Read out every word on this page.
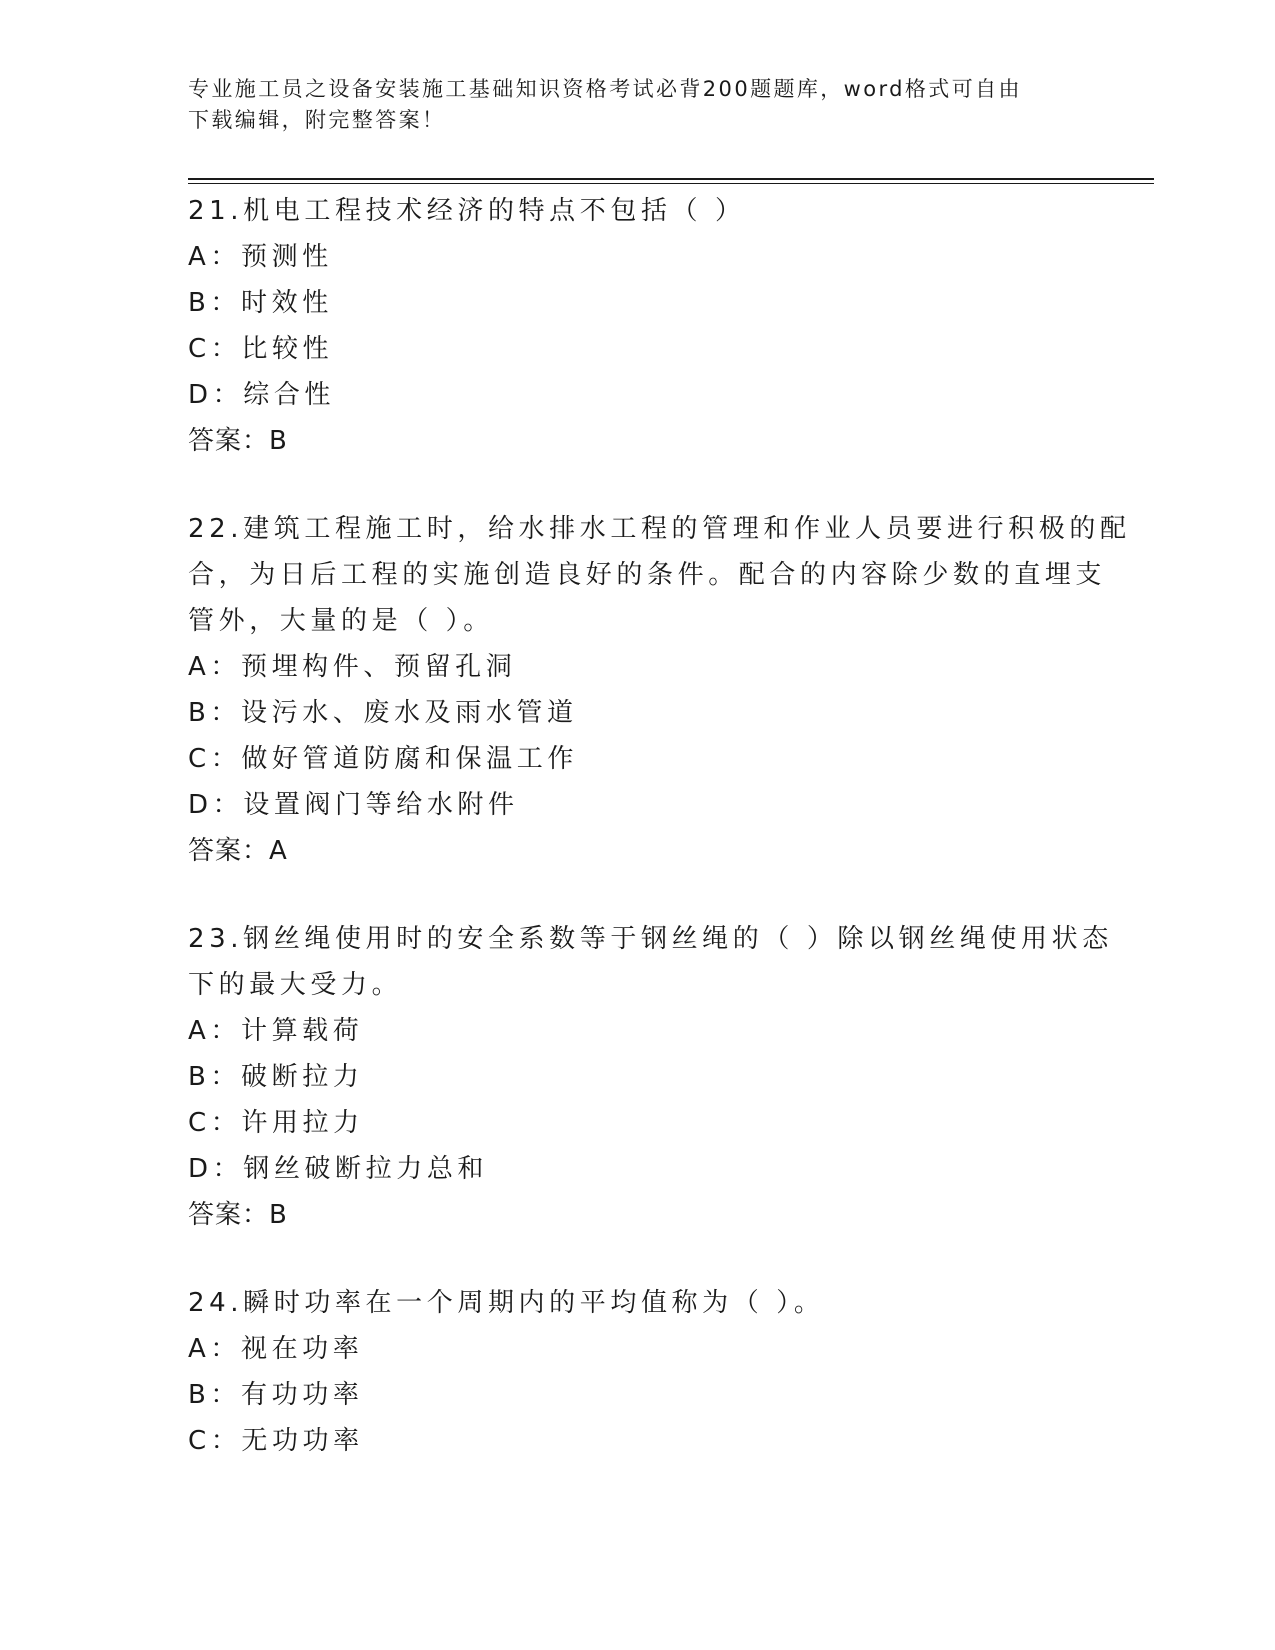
专业施工员之设备安装施工基础知识资格考试必背200题题库，word格式可自由
下载编辑，附完整答案！
21.机电工程技术经济的特点不包括（ ）
A：预测性
B：时效性
C：比较性
D：综合性
答案：B
22.建筑工程施工时，给水排水工程的管理和作业人员要进行积极的配
合，为日后工程的实施创造良好的条件。配合的内容除少数的直埋支
管外，大量的是（ ）。
A：预埋构件、预留孔洞
B：设污水、废水及雨水管道
C：做好管道防腐和保温工作
D：设置阀门等给水附件
答案：A
23.钢丝绳使用时的安全系数等于钢丝绳的（ ）除以钢丝绳使用状态
下的最大受力。
A：计算载荷
B：破断拉力
C：许用拉力
D：钢丝破断拉力总和
答案：B
24.瞬时功率在一个周期内的平均值称为（ ）。
A：视在功率
B：有功功率
C：无功功率
